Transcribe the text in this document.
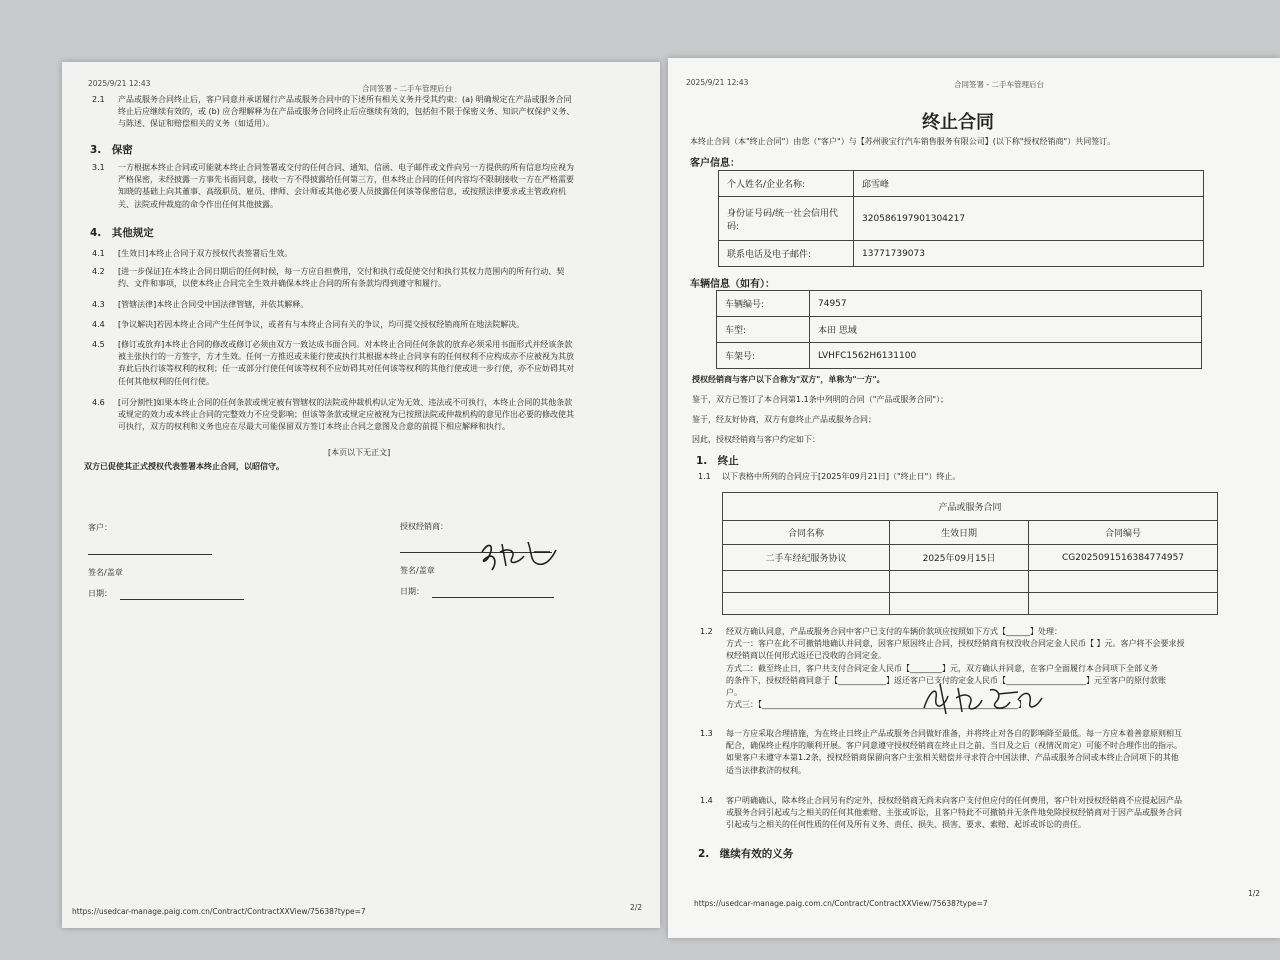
2025/9/21 12:43
合同签署 - 二手车管理后台
2.1	产品或服务合同终止后，客户同意并承诺履行产品或服务合同中的下述所有相关义务并受其约束：(a) 明确规定在产品或服务合同
终止后应继续有效的，或 (b) 应合理解释为在产品或服务合同终止后应继续有效的，包括但不限于保密义务、知识产权保护义务、
与陈述、保证和赔偿相关的义务（如适用）。
3.　保密
3.1	一方根据本终止合同或可能就本终止合同签署或交付的任何合同、通知、信函、电子邮件或文件向另一方提供的所有信息均应视为
严格保密，未经披露一方事先书面同意，接收一方不得披露给任何第三方，但本终止合同的任何内容均不限制接收一方在严格需要
知晓的基础上向其董事、高级职员、雇员、律师、会计师或其他必要人员披露任何该等保密信息，或按照法律要求或主管政府机
关、法院或仲裁庭的命令作出任何其他披露。
4.　其他规定
4.1	[生效日]本终止合同于双方授权代表签署后生效。
4.2	[进一步保证]在本终止合同日期后的任何时候，每一方应自担费用，交付和执行或促使交付和执行其权力范围内的所有行动、契
约、文件和事项，以使本终止合同完全生效并确保本终止合同的所有条款均得到遵守和履行。
4.3	[管辖法律]本终止合同受中国法律管辖，并依其解释。
4.4	[争议解决]若因本终止合同产生任何争议，或者有与本终止合同有关的争议，均可提交授权经销商所在地法院解决。
4.5	[修订或放弃]本终止合同的修改或修订必须由双方一致达成书面合同。对本终止合同任何条款的放弃必须采用书面形式并经该条款
被主张执行的一方签字，方才生效。任何一方推迟或未能行使或执行其根据本终止合同享有的任何权利不应构成亦不应被视为其放
弃此后执行该等权利的权利；任一或部分行使任何该等权利不应妨碍其对任何该等权利的其他行使或进一步行使，亦不应妨碍其对
任何其他权利的任何行使。
4.6	[可分割性]如果本终止合同的任何条款或规定被有管辖权的法院或仲裁机构认定为无效、违法或不可执行，本终止合同的其他条款
或规定的效力或本终止合同的完整效力不应受影响；但该等条款或规定应被视为已按照法院或仲裁机构的意见作出必要的修改使其
可执行，双方的权利和义务也应在尽最大可能保留双方签订本终止合同之意图及合意的前提下相应解释和执行。
[本页以下无正文]
双方已促使其正式授权代表签署本终止合同，以昭信守。
客户：
签名/盖章
日期：
授权经销商：
签名/盖章
日期：
https://usedcar-manage.paig.com.cn/Contract/ContractXXView/75638?type=7	2/2
2025/9/21 12:43	合同签署 - 二手车管理后台
终止合同
本终止合同（本"终止合同"）由您（"客户"）与【苏州骏宝行汽车销售服务有限公司】(以下称"授权经销商"）共同签订。
客户信息：
个人姓名/企业名称:	邱雪峰
身份证号码/统一社会信用代码:	320586197901304217
联系电话及电子邮件:	13771739073
车辆信息（如有）：
车辆编号:	74957
车型:	本田 思域
车架号:	LVHFC1562H6131100
授权经销商与客户以下合称为"双方"，单称为"一方"。
鉴于，双方已签订了本合同第1.1条中列明的合同（"产品或服务合同"）；
鉴于，经友好协商，双方有意终止产品或服务合同；
因此，授权经销商与客户约定如下：
1.　终止
1.1 以下表格中所列的合同应于[2025年09月21日]（"终止日"）终止。
产品或服务合同		
合同名称	生效日期	合同编号
二手车经纪服务协议	2025年09月15日	CG2025091516384774957

1.2	经双方确认同意，产品或服务合同中客户已支付的车辆价款项应按照如下方式【______】处理：
方式一：客户在此不可撤销地确认并同意，因客户原因终止合同，授权经销商有权没收合同定金人民币【 】元。客户将不会要求授
权经销商以任何形式返还已没收的合同定金。
方式二：截至终止日，客户共支付合同定金人民币【________】元，双方确认并同意，在客户全面履行本合同项下全部义务
的条件下，授权经销商同意于【____________】返还客户已支付的定金人民币【____________________】元至客户的原付款账
户。
方式三：【________________________________________________________________】
1.3	每一方应采取合理措施，为在终止日终止产品或服务合同做好准备，并将终止对各自的影响降至最低。每一方应本着善意原则相互
配合，确保终止程序的顺利开展。客户同意遵守授权经销商在终止日之前、当日及之后（视情况而定）可能不时合理作出的指示。
如果客户未遵守本第1.2条，授权经销商保留向客户主张相关赔偿并寻求符合中国法律、产品或服务合同或本终止合同项下的其他
适当法律救济的权利。
1.4	客户明确确认，除本终止合同另有约定外，授权经销商无尚未向客户支付但应付的任何费用，客户针对授权经销商不应提起因产品
或服务合同引起或与之相关的任何其他索赔、主张或诉讼，且客户特此不可撤销并无条件地免除授权经销商对于因产品或服务合同
引起或与之相关的任何性质的任何及所有义务、责任、损失、损害、要求、索赔、起诉或诉讼的责任。
2.　继续有效的义务
https://usedcar-manage.paig.com.cn/Contract/ContractXXView/75638?type=7
1/2
